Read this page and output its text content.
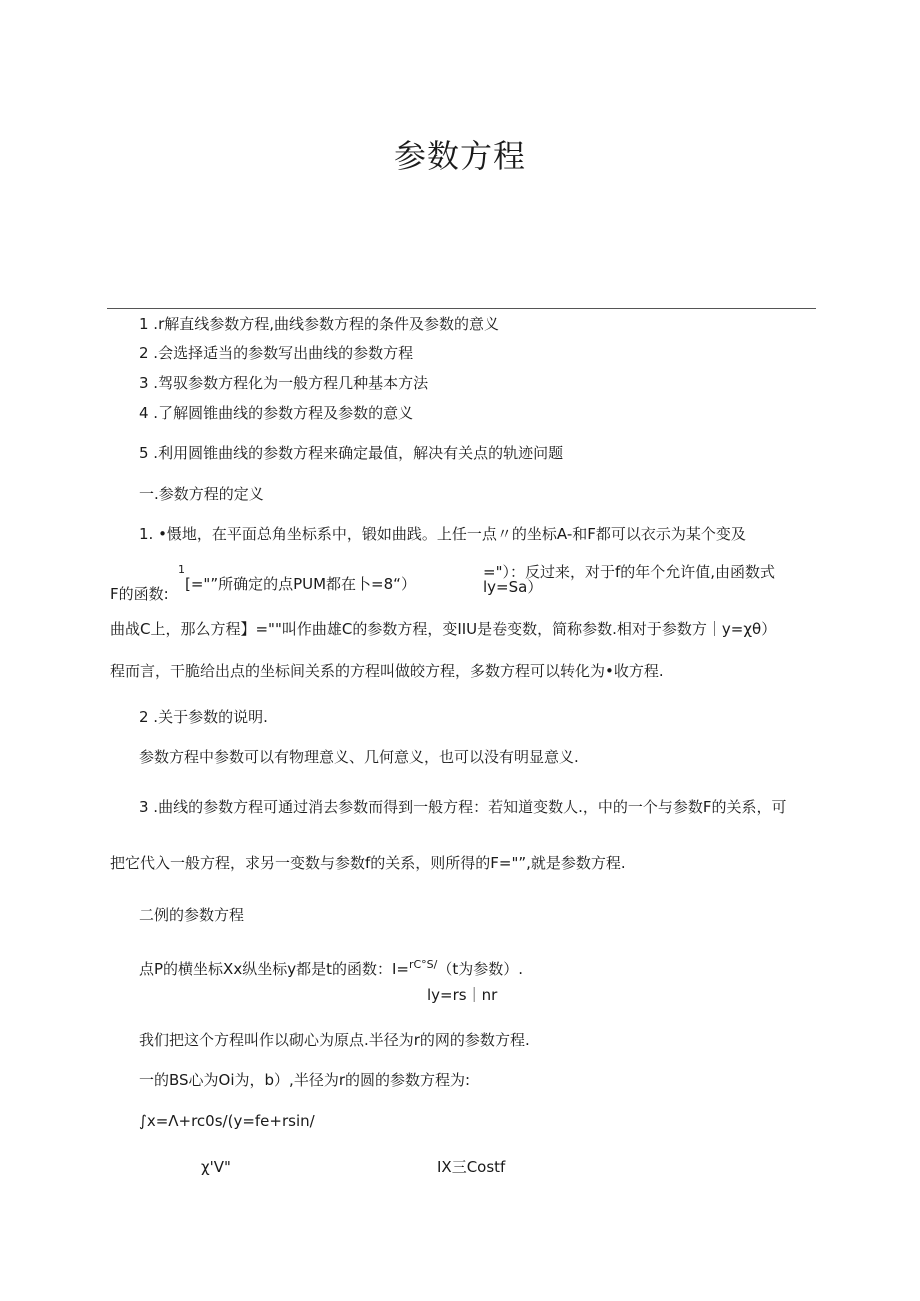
参数方程
1 .r解直线参数方程,曲线参数方程的条件及参数的意义
2 .会选择适当的参数写出曲线的参数方程
3 .驾驭参数方程化为一般方程几种基本方法
4 .了解圆锥曲线的参数方程及参数的意义
5 .利用圆锥曲线的参数方程来确定最值，解决有关点的轨迹问题
一.参数方程的定义
1. •慑地，在平面总角坐标系中，锻如曲践。上任一点〃的坐标A-和F都可以衣示为某个变及
1
F的函数:
[="”所确定的点PUM都在卜=8“）
="）：反过来，对于f的年个允许值,由函数式
ly=Sa）
曲战C上，那么方程】=""叫作曲雄C的参数方程，变IIU是卷变数，简称参数.相对于参数方｜y=χθ）
程而言，干脆给出点的坐标间关系的方程叫做皎方程，多数方程可以转化为•收方程.
2 .关于参数的说明.
参数方程中参数可以有物理意义、几何意义，也可以没有明显意义.
3 .曲线的参数方程可通过消去参数而得到一般方程：若知道变数人.，中的一个与参数F的关系，可
把它代入一般方程，求另一变数与参数f的关系，则所得的F="”,就是参数方程.
二例的参数方程
点P的横坐标Xx纵坐标y都是t的函数：I=$^{rC^\circ S/}$（t为参数）.
ly=rs｜nr
我们把这个方程叫作以砌心为原点.半径为r的网的参数方程.
一的BS心为Oi为，b）,半径为r的圆的参数方程为:
∫x=Λ+rc0s/(y=fe+rsin/
χ'V"	IX三Costf
